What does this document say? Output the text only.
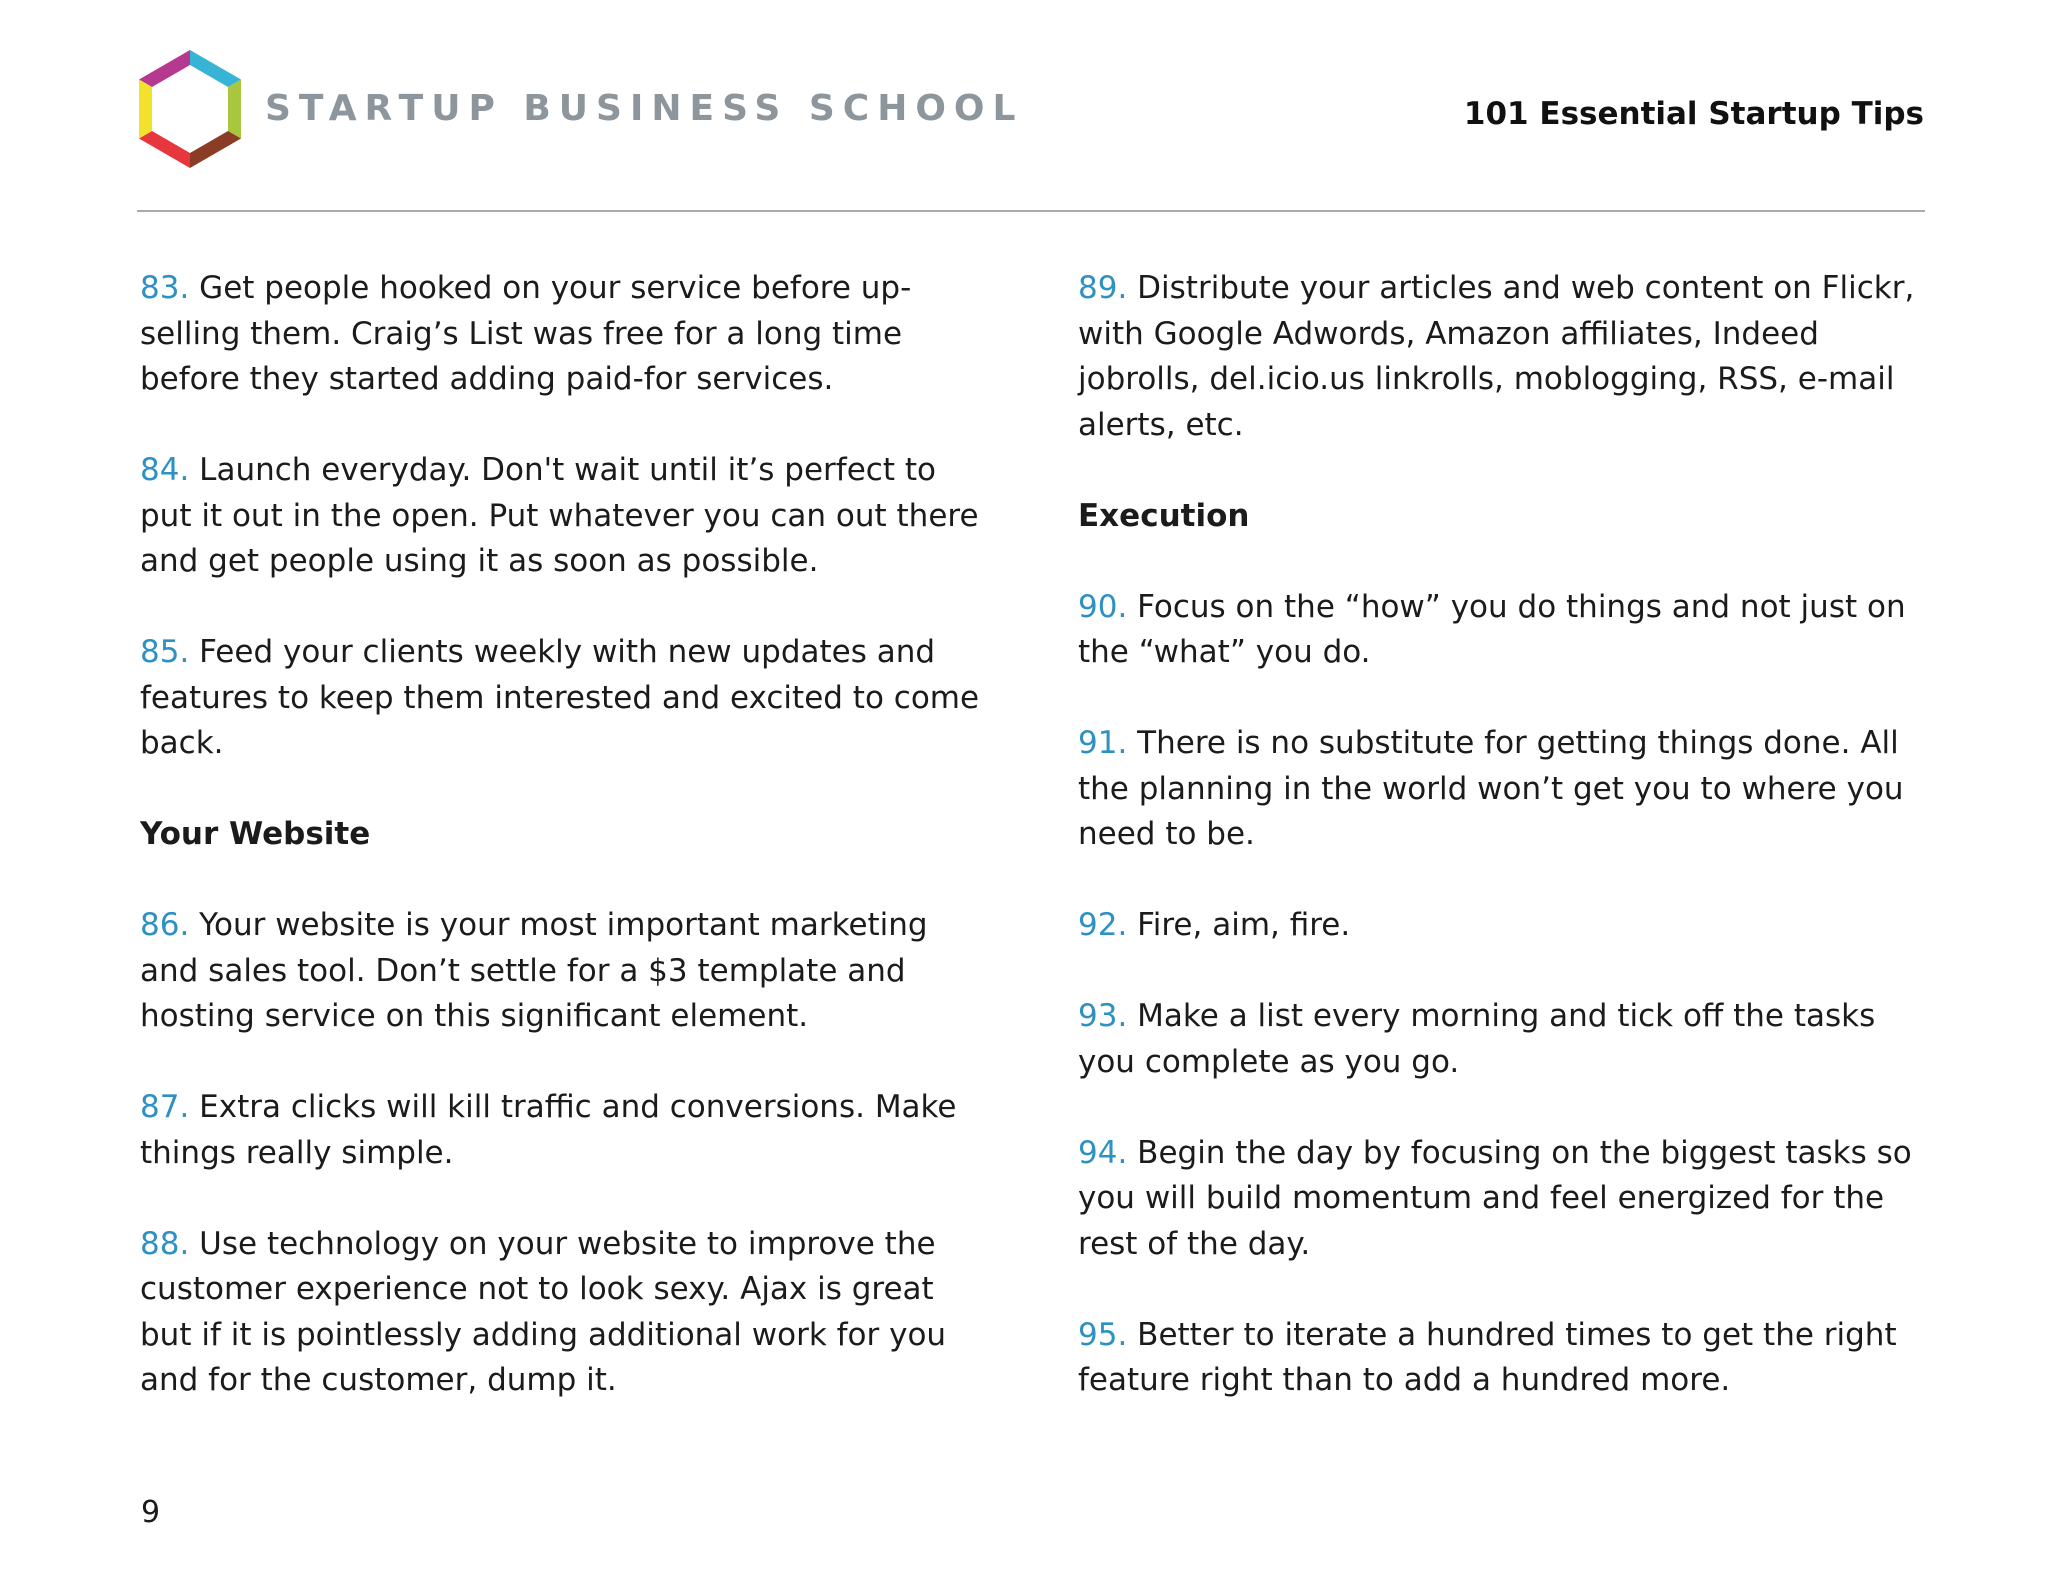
STARTUP BUSINESS SCHOOL	101 Essential Startup Tips

83. Get people hooked on your service before up-selling them. Craig’s List was free for a long time before they started adding paid-for services.

84. Launch everyday. Don't wait until it’s perfect to put it out in the open. Put whatever you can out there and get people using it as soon as possible.

85. Feed your clients weekly with new updates and features to keep them interested and excited to come back.

Your Website

86. Your website is your most important marketing and sales tool. Don’t settle for a $3 template and hosting service on this significant element.

87. Extra clicks will kill traffic and conversions. Make things really simple.

88. Use technology on your website to improve the customer experience not to look sexy. Ajax is great but if it is pointlessly adding additional work for you and for the customer, dump it.

89. Distribute your articles and web content on Flickr, with Google Adwords, Amazon affiliates, Indeed jobrolls, del.icio.us linkrolls, moblogging, RSS, e-mail alerts, etc.

Execution

90. Focus on the “how” you do things and not just on the “what” you do.

91. There is no substitute for getting things done. All the planning in the world won’t get you to where you need to be.

92. Fire, aim, fire.

93. Make a list every morning and tick off the tasks you complete as you go.

94. Begin the day by focusing on the biggest tasks so you will build momentum and feel energized for the rest of the day.

95. Better to iterate a hundred times to get the right feature right than to add a hundred more.

9
